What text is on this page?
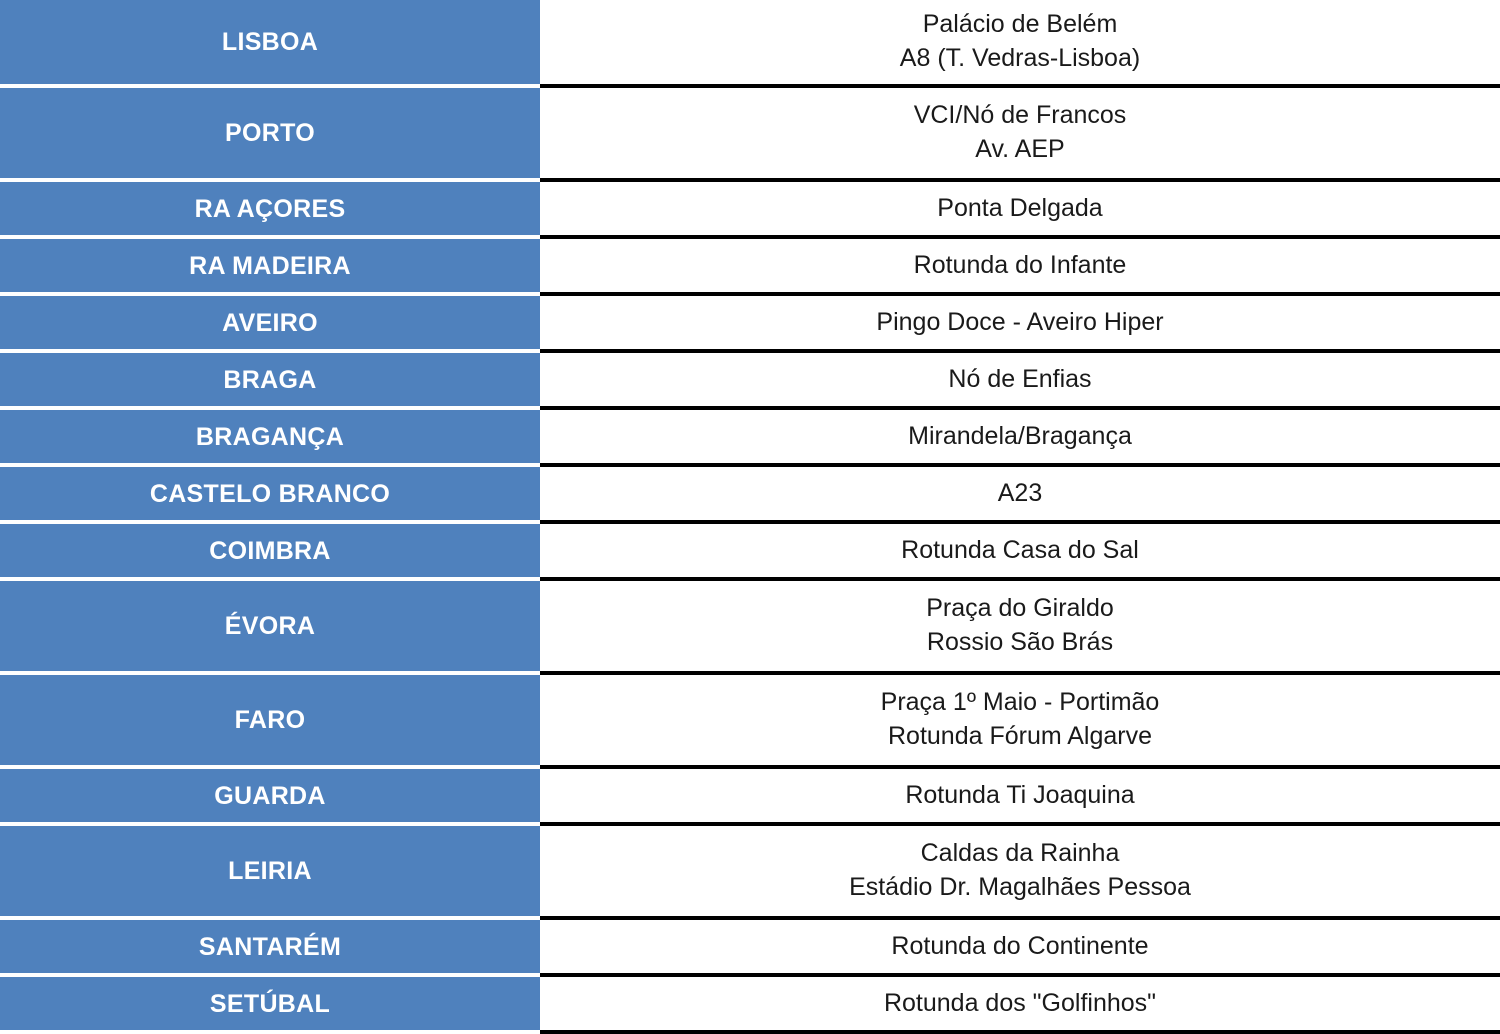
LISBOA	Palácio de Belém
A8 (T. Vedras-Lisboa)

PORTO	VCI/Nó de Francos
Av. AEP

RA AÇORES	Ponta Delgada

RA MADEIRA	Rotunda do Infante

AVEIRO	Pingo Doce - Aveiro Hiper

BRAGA	Nó de Enfias

BRAGANÇA	Mirandela/Bragança

CASTELO BRANCO	A23

COIMBRA	Rotunda Casa do Sal

ÉVORA	Praça do Giraldo
Rossio São Brás

FARO	Praça 1º Maio - Portimão
Rotunda Fórum Algarve

GUARDA	Rotunda Ti Joaquina

LEIRIA	Caldas da Rainha
Estádio Dr. Magalhães Pessoa

SANTARÉM	Rotunda do Continente

SETÚBAL	Rotunda dos "Golfinhos"
